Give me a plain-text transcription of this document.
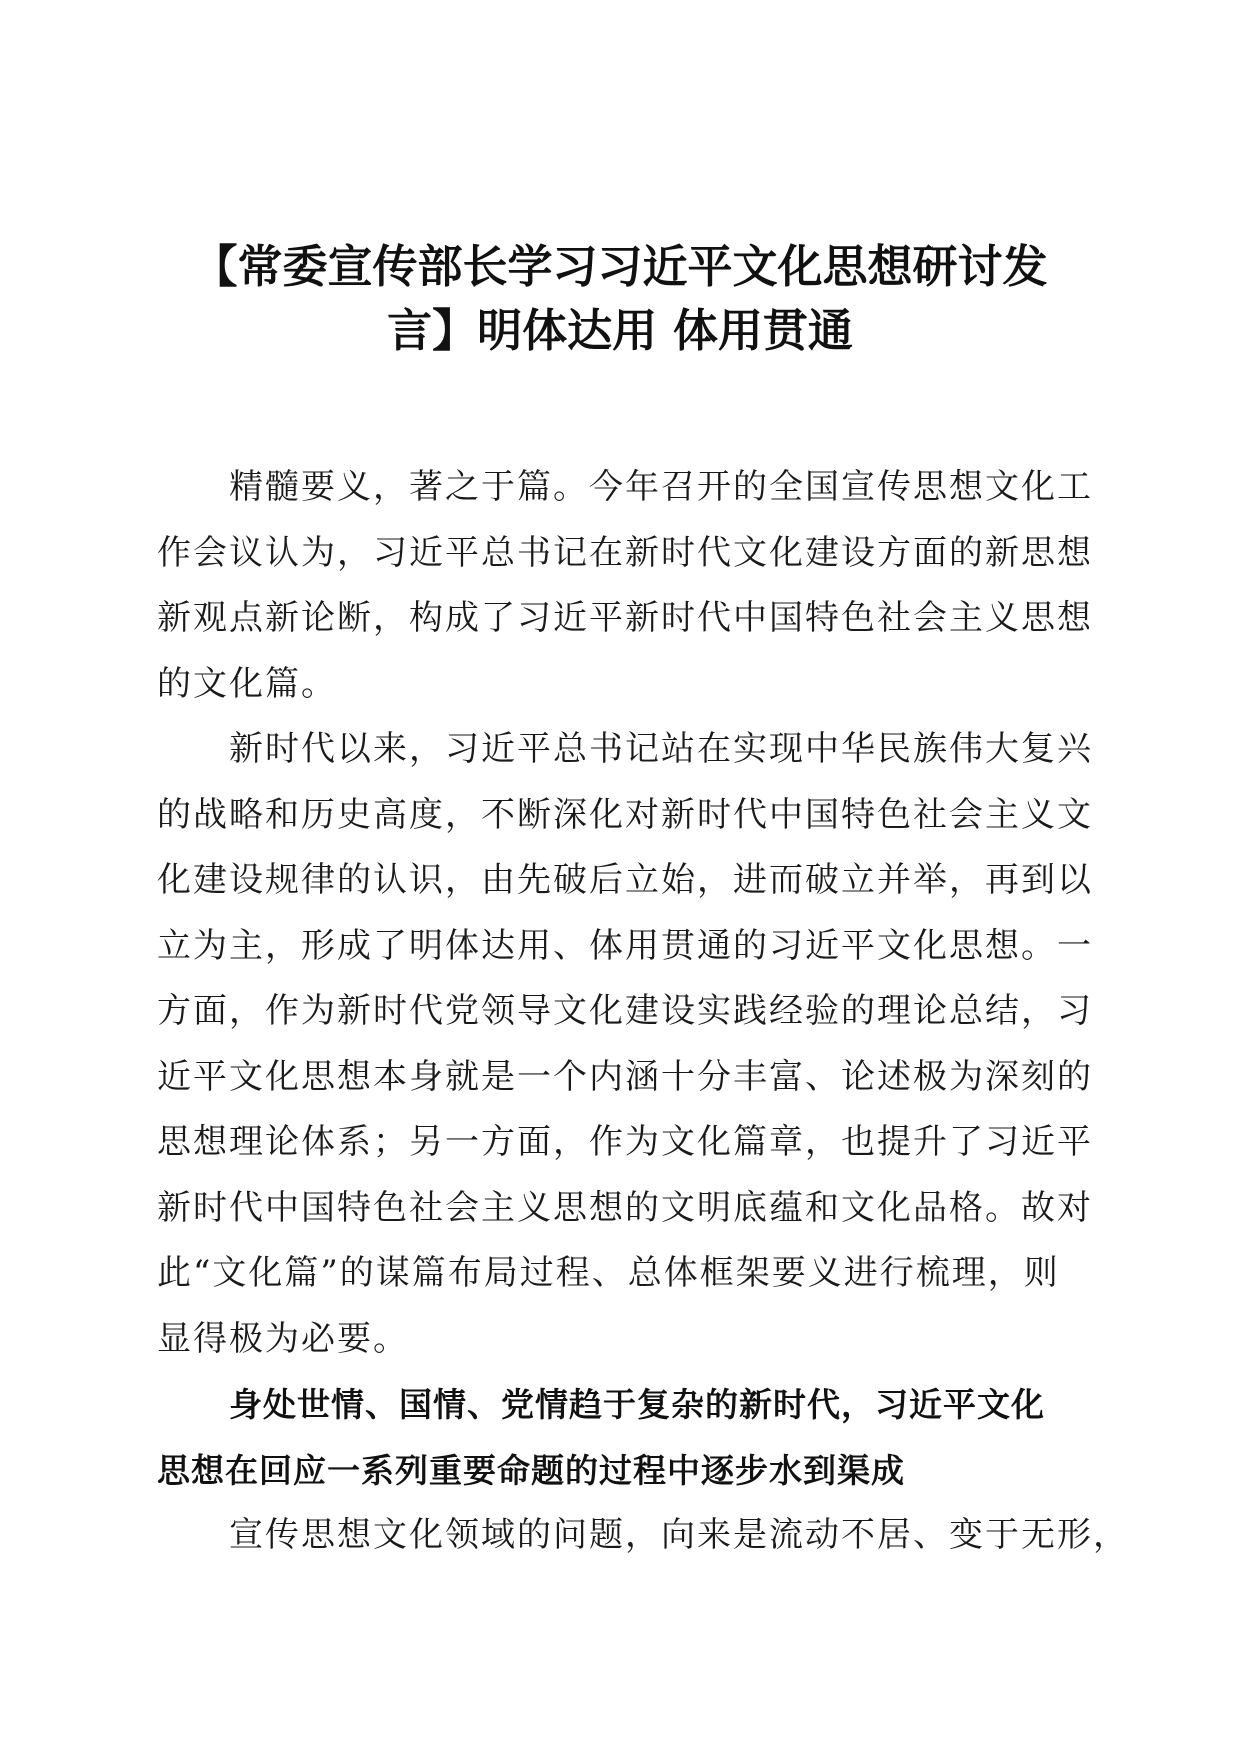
【常委宣传部长学习习近平文化思想研讨发
言】明体达用 体用贯通

精髓要义，著之于篇。今年召开的全国宣传思想文化工
作会议认为，习近平总书记在新时代文化建设方面的新思想
新观点新论断，构成了习近平新时代中国特色社会主义思想
的文化篇。

新时代以来，习近平总书记站在实现中华民族伟大复兴
的战略和历史高度，不断深化对新时代中国特色社会主义文
化建设规律的认识，由先破后立始，进而破立并举，再到以
立为主，形成了明体达用、体用贯通的习近平文化思想。一
方面，作为新时代党领导文化建设实践经验的理论总结，习
近平文化思想本身就是一个内涵十分丰富、论述极为深刻的
思想理论体系；另一方面，作为文化篇章，也提升了习近平
新时代中国特色社会主义思想的文明底蕴和文化品格。故对
此“文化篇”的谋篇布局过程、总体框架要义进行梳理，则
显得极为必要。

身处世情、国情、党情趋于复杂的新时代，习近平文化
思想在回应一系列重要命题的过程中逐步水到渠成

宣传思想文化领域的问题，向来是流动不居、变于无形，
